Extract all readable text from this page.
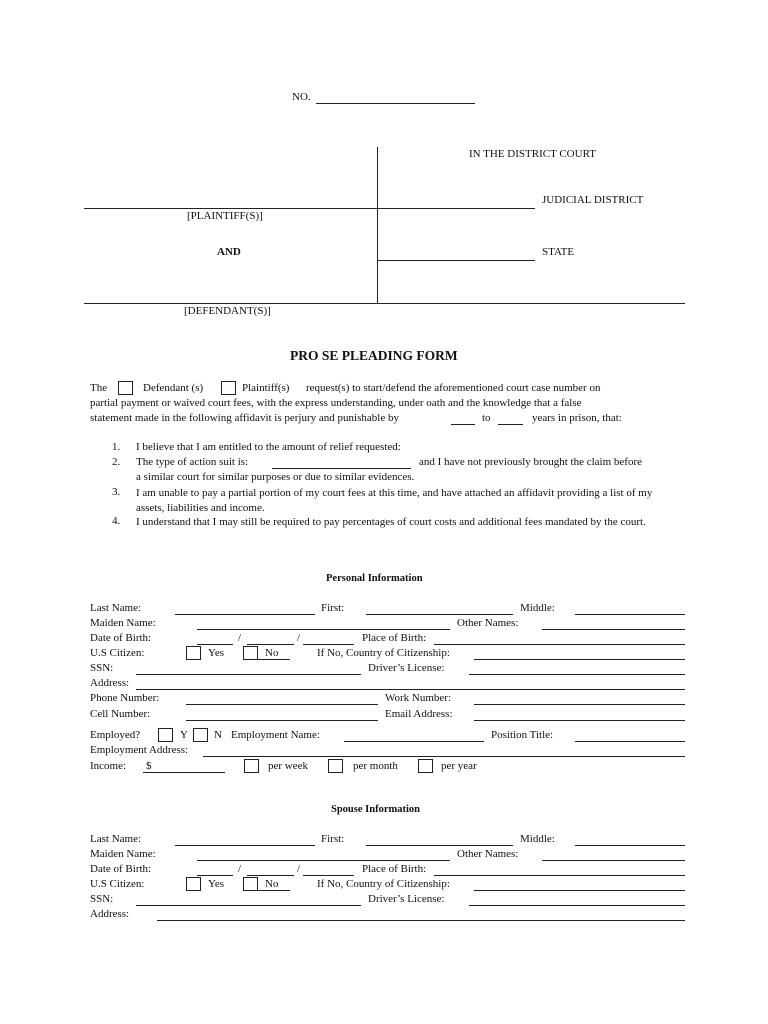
NO.
IN THE DISTRICT COURT
JUDICIAL DISTRICT
[PLAINTIFF(S)]
AND	STATE
[DEFENDANT(S)]
PRO SE PLEADING FORM
The	Defendant (s)	Plaintiff(s) request(s) to start/defend the aforementioned court case number on
partial payment or waived court fees, with the express understanding, under oath and the knowledge that a false
statement made in the following affidavit is perjury and punishable by	to	years in prison, that:
1. I believe that I am entitled to the amount of relief requested:
2. The type of action suit is:	and I have not previously brought the claim before
a similar court for similar purposes or due to similar evidences.
3. I am unable to pay a partial portion of my court fees at this time, and have attached an affidavit providing a list of my assets, liabilities and income.
4. I understand that I may still be required to pay percentages of court costs and additional fees mandated by the court.
Personal Information
Last Name:	First:	Middle:
Maiden Name:	Other Names:
Date of Birth:	/	/	Place of Birth:
U.S Citizen:	Yes	No	If No, Country of Citizenship:
SSN:	Driver’s License:
Address:
Phone Number:	Work Number:
Cell Number:	Email Address:
Employed?	Y N Employment Name:	Position Title:
Employment Address:
Income: $	per week	per month	per year
Spouse Information
Last Name:	First:	Middle:
Maiden Name:	Other Names:
Date of Birth:	/	/	Place of Birth:
U.S Citizen:	Yes	No	If No, Country of Citizenship:
SSN:	Driver’s License:
Address:
